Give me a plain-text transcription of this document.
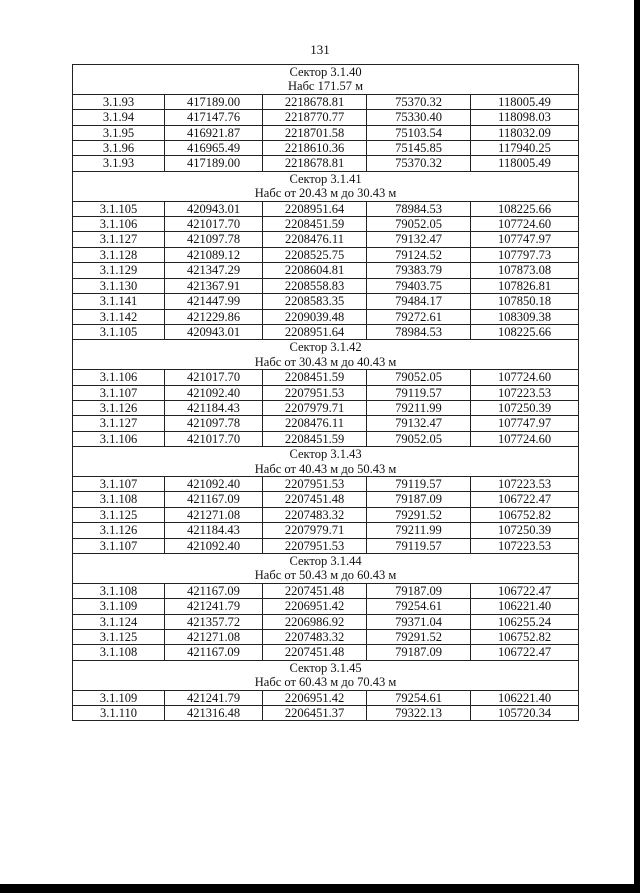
131
Сектор 3.1.40				
Набс 171.57 м				
3.1.93	417189.00	2218678.81	75370.32	118005.49
3.1.94	417147.76	2218770.77	75330.40	118098.03
3.1.95	416921.87	2218701.58	75103.54	118032.09
3.1.96	416965.49	2218610.36	75145.85	117940.25
3.1.93	417189.00	2218678.81	75370.32	118005.49
Сектор 3.1.41				
Набс от 20.43 м до 30.43 м				
3.1.105	420943.01	2208951.64	78984.53	108225.66
3.1.106	421017.70	2208451.59	79052.05	107724.60
3.1.127	421097.78	2208476.11	79132.47	107747.97
3.1.128	421089.12	2208525.75	79124.52	107797.73
3.1.129	421347.29	2208604.81	79383.79	107873.08
3.1.130	421367.91	2208558.83	79403.75	107826.81
3.1.141	421447.99	2208583.35	79484.17	107850.18
3.1.142	421229.86	2209039.48	79272.61	108309.38
3.1.105	420943.01	2208951.64	78984.53	108225.66
Сектор 3.1.42				
Набс от 30.43 м до 40.43 м				
3.1.106	421017.70	2208451.59	79052.05	107724.60
3.1.107	421092.40	2207951.53	79119.57	107223.53
3.1.126	421184.43	2207979.71	79211.99	107250.39
3.1.127	421097.78	2208476.11	79132.47	107747.97
3.1.106	421017.70	2208451.59	79052.05	107724.60
Сектор 3.1.43				
Набс от 40.43 м до 50.43 м				
3.1.107	421092.40	2207951.53	79119.57	107223.53
3.1.108	421167.09	2207451.48	79187.09	106722.47
3.1.125	421271.08	2207483.32	79291.52	106752.82
3.1.126	421184.43	2207979.71	79211.99	107250.39
3.1.107	421092.40	2207951.53	79119.57	107223.53
Сектор 3.1.44				
Набс от 50.43 м до 60.43 м				
3.1.108	421167.09	2207451.48	79187.09	106722.47
3.1.109	421241.79	2206951.42	79254.61	106221.40
3.1.124	421357.72	2206986.92	79371.04	106255.24
3.1.125	421271.08	2207483.32	79291.52	106752.82
3.1.108	421167.09	2207451.48	79187.09	106722.47
Сектор 3.1.45				
Набс от 60.43 м до 70.43 м				
3.1.109	421241.79	2206951.42	79254.61	106221.40
3.1.110	421316.48	2206451.37	79322.13	105720.34
